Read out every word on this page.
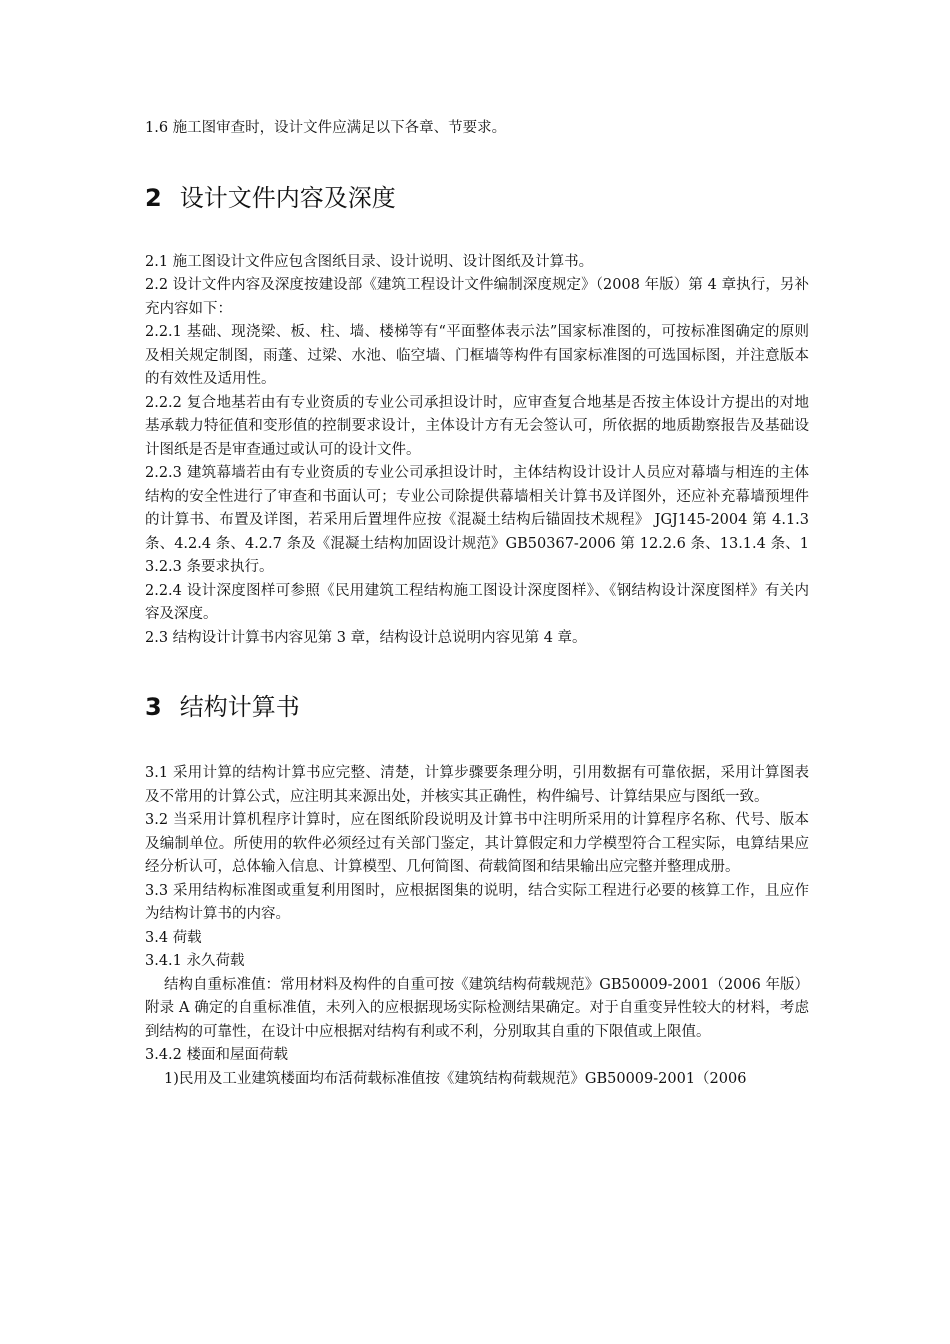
1.6 施工图审查时，设计文件应满足以下各章、节要求。

2 设计文件内容及深度

2.1 施工图设计文件应包含图纸目录、设计说明、设计图纸及计算书。

2.2 设计文件内容及深度按建设部《建筑工程设计文件编制深度规定》（2008 年版）第 4 章执行，另补充内容如下：

2.2.1 基础、现浇梁、板、柱、墙、楼梯等有“平面整体表示法”国家标准图的，可按标准图确定的原则及相关规定制图，雨蓬、过梁、水池、临空墙、门框墙等构件有国家标准图的可选国标图，并注意版本的有效性及适用性。

2.2.2 复合地基若由有专业资质的专业公司承担设计时，应审查复合地基是否按主体设计方提出的对地基承载力特征值和变形值的控制要求设计，主体设计方有无会签认可，所依据的地质勘察报告及基础设计图纸是否是审查通过或认可的设计文件。

2.2.3 建筑幕墙若由有专业资质的专业公司承担设计时，主体结构设计设计人员应对幕墙与相连的主体结构的安全性进行了审查和书面认可；专业公司除提供幕墙相关计算书及详图外，还应补充幕墙预埋件的计算书、布置及详图，若采用后置埋件应按《混凝土结构后锚固技术规程》 JGJ145-2004 第 4.1.3 条、4.2.4 条、4.2.7 条及《混凝土结构加固设计规范》GB50367-2006 第 12.2.6 条、13.1.4 条、13.2.3 条要求执行。

2.2.4 设计深度图样可参照《民用建筑工程结构施工图设计深度图样》、《钢结构设计深度图样》有关内容及深度。

2.3 结构设计计算书内容见第 3 章，结构设计总说明内容见第 4 章。

3 结构计算书

3.1 采用计算的结构计算书应完整、清楚，计算步骤要条理分明，引用数据有可靠依据，采用计算图表及不常用的计算公式，应注明其来源出处，并核实其正确性，构件编号、计算结果应与图纸一致。

3.2 当采用计算机程序计算时，应在图纸阶段说明及计算书中注明所采用的计算程序名称、代号、版本及编制单位。所使用的软件必须经过有关部门鉴定，其计算假定和力学模型符合工程实际，电算结果应经分析认可，总体输入信息、计算模型、几何简图、荷载简图和结果输出应完整并整理成册。

3.3 采用结构标准图或重复利用图时，应根据图集的说明，结合实际工程进行必要的核算工作，且应作为结构计算书的内容。

3.4 荷载

3.4.1 永久荷载

结构自重标准值：常用材料及构件的自重可按《建筑结构荷载规范》GB50009-2001（2006 年版）附录 A 确定的自重标准值，未列入的应根据现场实际检测结果确定。对于自重变异性较大的材料，考虑到结构的可靠性，在设计中应根据对结构有利或不利，分别取其自重的下限值或上限值。

3.4.2 楼面和屋面荷载

1)民用及工业建筑楼面均布活荷载标准值按《建筑结构荷载规范》GB50009-2001（2006
